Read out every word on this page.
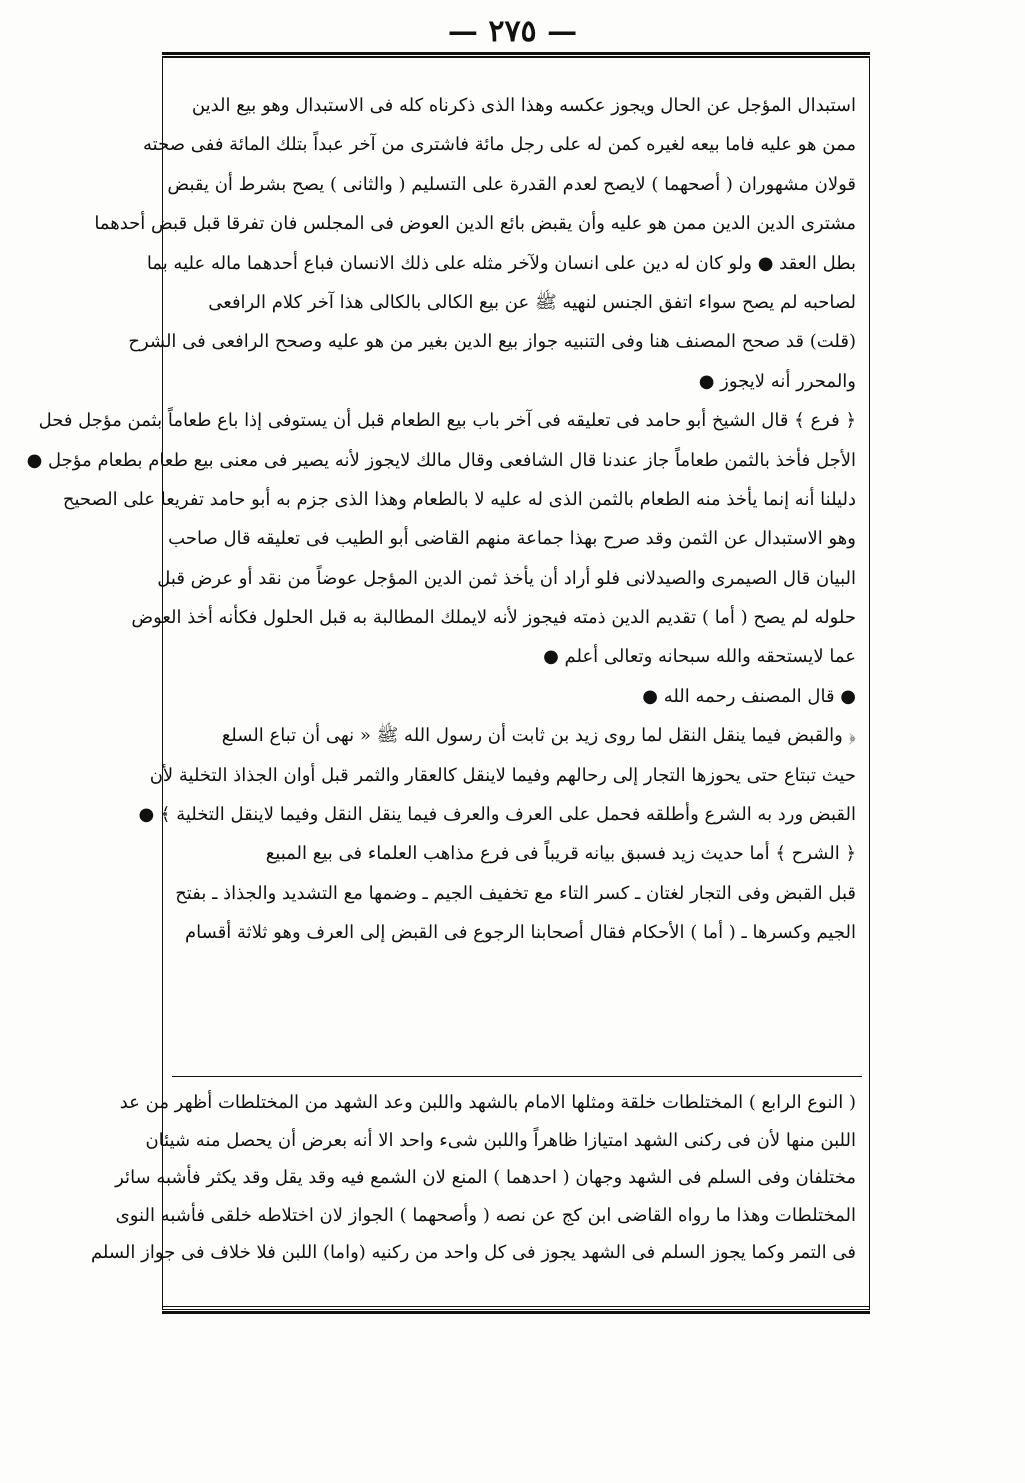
— ٢٧٥ —

استبدال المؤجل عن الحال ويجوز عكسه وهذا الذى ذكرناه كله فى الاستبدال وهو بيع الدين

ممن هو عليه فاما بيعه لغيره كمن له على رجل مائة فاشترى من آخر عبداً بتلك المائة ففى صحته

قولان مشهوران ( أصحهما ) لايصح لعدم القدرة على التسليم ( والثانى ) يصح بشرط أن يقبض

مشترى الدين الدين ممن هو عليه وأن يقبض بائع الدين العوض فى المجلس فان تفرقا قبل قبض أحدهما

بطل العقد ● ولو كان له دين على انسان ولآخر مثله على ذلك الانسان فباع أحدهما ماله عليه بما

لصاحبه لم يصح سواء اتفق الجنس لنهيه ﷺ عن بيع الكالى بالكالى هذا آخر كلام الرافعى

(قلت) قد صحح المصنف هنا وفى التنبيه جواز بيع الدين بغير من هو عليه وصحح الرافعى فى الشرح

والمحرر أنه لايجوز ●

﴿ فرع ﴾ قال الشيخ أبو حامد فى تعليقه فى آخر باب بيع الطعام قبل أن يستوفى إذا باع طعاماً بثمن مؤجل فحل

الأجل فأخذ بالثمن طعاماً جاز عندنا قال الشافعى وقال مالك لايجوز لأنه يصير فى معنى بيع طعام بطعام مؤجل ●

دليلنا أنه إنما يأخذ منه الطعام بالثمن الذى له عليه لا بالطعام وهذا الذى جزم به أبو حامد تفريعا على الصحيح

وهو الاستبدال عن الثمن وقد صرح بهذا جماعة منهم القاضى أبو الطيب فى تعليقه قال صاحب

البيان قال الصيمرى والصيدلانى فلو أراد أن يأخذ ثمن الدين المؤجل عوضاً من نقد أو عرض قبل

حلوله لم يصح ( أما ) تقديم الدين ذمته فيجوز لأنه لايملك المطالبة به قبل الحلول فكأنه أخذ العوض

عما لايستحقه والله سبحانه وتعالى أعلم ●

● قال المصنف رحمه الله ●

﴿ والقبض فيما ينقل النقل لما روى زيد بن ثابت أن رسول الله ﷺ « نهى أن تباع السلع

حيث تبتاع حتى يحوزها التجار إلى رحالهم وفيما لاينقل كالعقار والثمر قبل أوان الجذاذ التخلية لأن

القبض ورد به الشرع وأطلقه فحمل على العرف والعرف فيما ينقل النقل وفيما لاينقل التخلية ﴾ ●

﴿ الشرح ﴾ أما حديث زيد فسبق بيانه قريباً فى فرع مذاهب العلماء فى بيع المبيع

قبل القبض وفى التجار لغتان ـ كسر التاء مع تخفيف الجيم ـ وضمها مع التشديد والجذاذ ـ بفتح

الجيم وكسرها ـ ( أما ) الأحكام فقال أصحابنا الرجوع فى القبض إلى العرف وهو ثلاثة أقسام

( النوع الرابع ) المختلطات خلقة ومثلها الامام بالشهد واللبن وعد الشهد من المختلطات أظهر من عد

اللبن منها لأن فى ركنى الشهد امتيازا ظاهراً واللبن شىء واحد الا أنه بعرض أن يحصل منه شيئان

مختلفان وفى السلم فى الشهد وجهان ( احدهما ) المنع لان الشمع فيه وقد يقل وقد يكثر فأشبه سائر

المختلطات وهذا ما رواه القاضى ابن كج عن نصه ( وأصحهما ) الجواز لان اختلاطه خلقى فأشبه النوى

فى التمر وكما يجوز السلم فى الشهد يجوز فى كل واحد من ركنيه (واما) اللبن فلا خلاف فى جواز السلم
